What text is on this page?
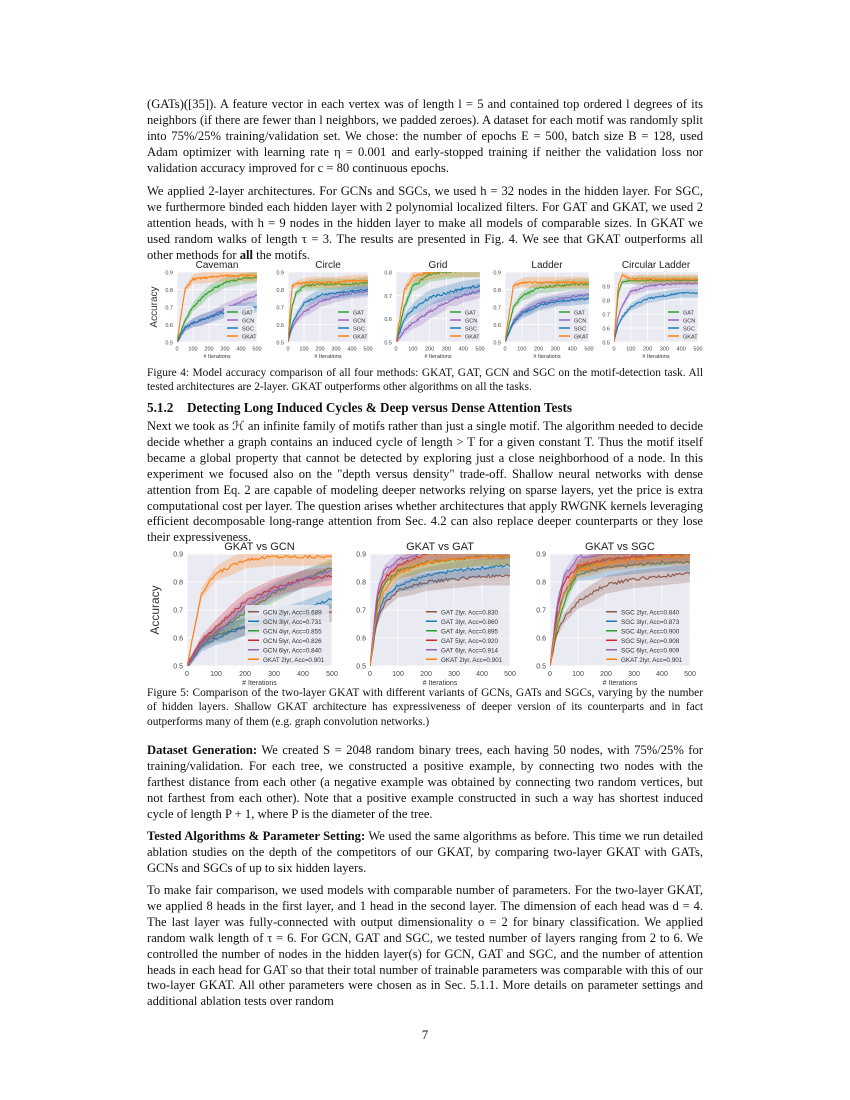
(GATs)([35]). A feature vector in each vertex was of length l = 5 and contained top ordered l degrees of its neighbors (if there are fewer than l neighbors, we padded zeroes). A dataset for each motif was randomly split into 75%/25% training/validation set. We chose: the number of epochs E = 500, batch size B = 128, used Adam optimizer with learning rate η = 0.001 and early-stopped training if neither the validation loss nor validation accuracy improved for c = 80 continuous epochs.
We applied 2-layer architectures. For GCNs and SGCs, we used h = 32 nodes in the hidden layer. For SGC, we furthermore binded each hidden layer with 2 polynomial localized filters. For GAT and GKAT, we used 2 attention heads, with h = 9 nodes in the hidden layer to make all models of comparable sizes. In GKAT we used random walks of length τ = 3. The results are presented in Fig. 4. We see that GKAT outperforms all other methods for all the motifs.
Caveman
0.5
0.6
0.7
0.8
0.9
0 100 200 300 400 500
# Iterations
Accuracy	GAT
GCN
SGC
GKAT
Circle
0.5
0.6
0.7
0.8
0.9
0 100 200 300 400 500
# Iterations
GAT
GCN
SGC
GKAT
Grid
0.5
0.6
0.7
0.8
0 100 200 300 400 500
# Iterations
GAT
GCN
SGC
GKAT
Ladder
0.5
0.6
0.7
0.8
0.9
0 100 200 300 400 500
# Iterations
GAT
GCN
SGC
GKAT
Circular Ladder
0.5
0.6
0.7
0.8
0.9
0 100 200 300 400 500
# Iterations
GAT
GCN
SGC
GKAT
Figure 4: Model accuracy comparison of all four methods: GKAT, GAT, GCN and SGC on the motif-detection task. All tested architectures are 2-layer. GKAT outperforms other algorithms on all the tasks.
5.1.2 Detecting Long Induced Cycles & Deep versus Dense Attention Tests
Next we took as ℋ an infinite family of motifs rather than just a single motif. The algorithm needed to decide decide whether a graph contains an induced cycle of length > T for a given constant T. Thus the motif itself became a global property that cannot be detected by exploring just a close neighborhood of a node. In this experiment we focused also on the "depth versus density" trade-off. Shallow neural networks with dense attention from Eq. 2 are capable of modeling deeper networks relying on sparse layers, yet the price is extra computational cost per layer. The question arises whether architectures that apply RWGNK kernels leveraging efficient decomposable long-range attention from Sec. 4.2 can also replace deeper counterparts or they lose their expressiveness.
GKAT vs GCN
0.5
0.6
0.7
0.8
0.9
0	100 200 300 400 500
# Iterations
Accuracy	GCN 2lyr, Acc=0.689
GCN 3lyr, Acc=0.731
GCN 4lyr, Acc=0.855
GCN 5lyr, Acc=0.826
GCN 6lyr, Acc=0.840
GKAT 2lyr, Acc=0.901
GKAT vs GAT
0.5
0.6
0.7
0.8
0.9
0	100 200 300 400 500
# Iterations
GAT 2lyr, Acc=0.830
GAT 3lyr, Acc=0.860
GAT 4lyr, Acc=0.895
GAT 5lyr, Acc=0.920
GAT 6lyr, Acc=0.914
GKAT 2lyr, Acc=0.901
GKAT vs SGC
0.5
0.6
0.7
0.8
0.9
0	100 200 300 400 500
# Iterations
SGC 2lyr, Acc=0.840
SGC 3lyr, Acc=0.873
SGC 4lyr, Acc=0.900
SGC 5lyr, Acc=0.908
SGC 6lyr, Acc=0.909
GKAT 2lyr, Acc=0.901
Figure 5: Comparison of the two-layer GKAT with different variants of GCNs, GATs and SGCs, varying by the number of hidden layers. Shallow GKAT architecture has expressiveness of deeper version of its counterparts and in fact outperforms many of them (e.g. graph convolution networks.)
Dataset Generation: We created S = 2048 random binary trees, each having 50 nodes, with 75%/25% for training/validation. For each tree, we constructed a positive example, by connecting two nodes with the farthest distance from each other (a negative example was obtained by connecting two random vertices, but not farthest from each other). Note that a positive example constructed in such a way has shortest induced cycle of length P + 1, where P is the diameter of the tree.
Tested Algorithms & Parameter Setting: We used the same algorithms as before. This time we run detailed ablation studies on the depth of the competitors of our GKAT, by comparing two-layer GKAT with GATs, GCNs and SGCs of up to six hidden layers.
To make fair comparison, we used models with comparable number of parameters. For the two-layer GKAT, we applied 8 heads in the first layer, and 1 head in the second layer. The dimension of each head was d = 4. The last layer was fully-connected with output dimensionality o = 2 for binary classification. We applied random walk length of τ = 6. For GCN, GAT and SGC, we tested number of layers ranging from 2 to 6. We controlled the number of nodes in the hidden layer(s) for GCN, GAT and SGC, and the number of attention heads in each head for GAT so that their total number of trainable parameters was comparable with this of our two-layer GKAT. All other parameters were chosen as in Sec. 5.1.1. More details on parameter settings and additional ablation tests over random
7
